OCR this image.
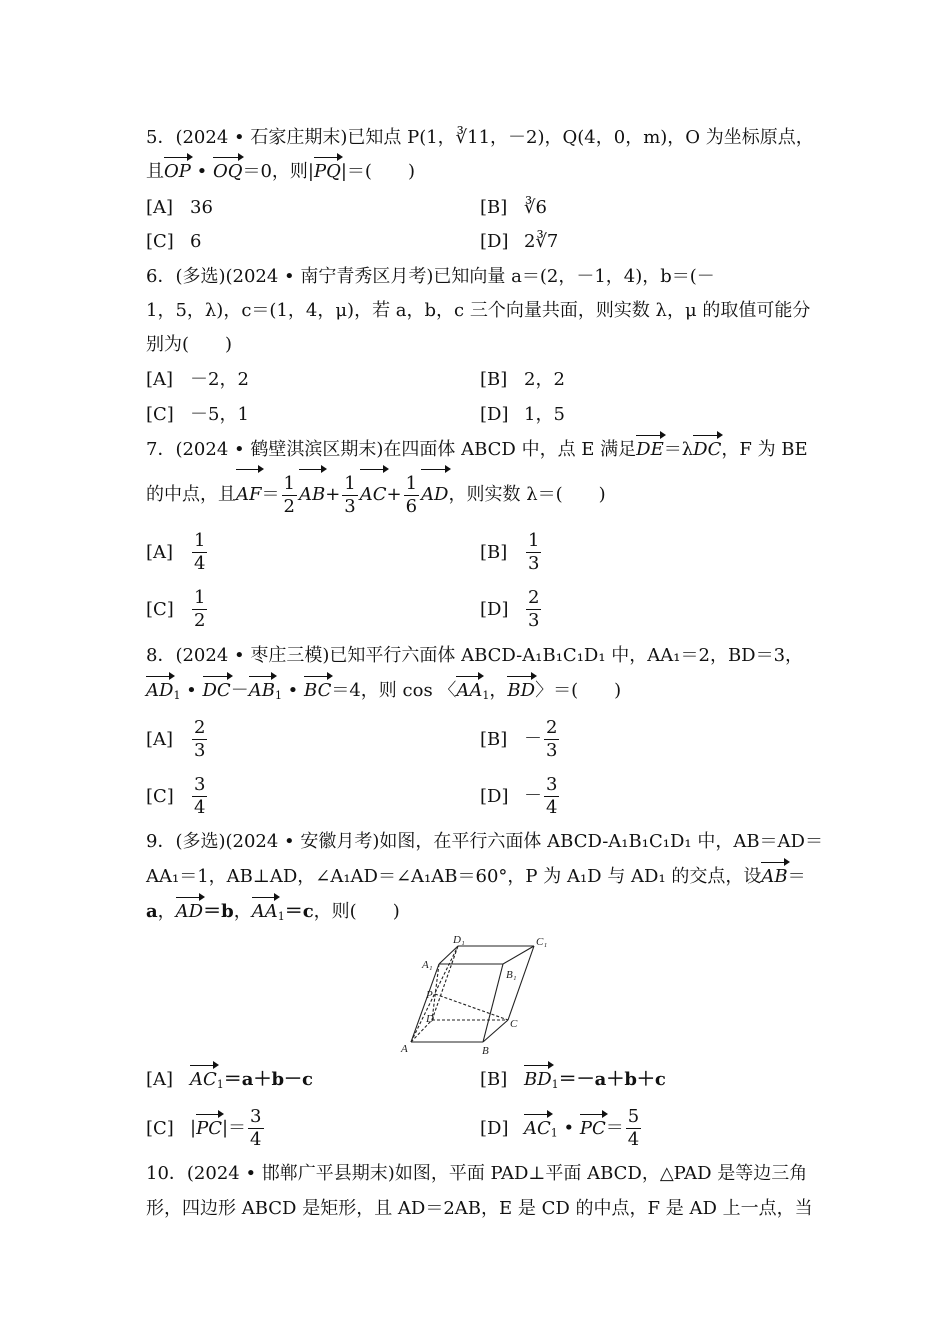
5．(2024 • 石家庄期末)已知点 P(1，∛11，－2)，Q(4，0，m)，O 为坐标原点，
且OP • OQ＝0，则|PQ|＝(　　)
[A] 36	[B] ∛6
[C] 6	[D] 2∛7
6．(多选)(2024 • 南宁青秀区月考)已知向量 a＝(2，－1，4)，b＝(－
1，5，λ)，c＝(1，4，μ)，若 a，b，c 三个向量共面，则实数 λ，μ 的取值可能分
别为(　　)
[A] －2，2	[B] 2，2
[C] －5，1	[D] 1，5
7．(2024 • 鹤壁淇滨区期末)在四面体 ABCD 中，点 E 满足DE＝λDC，F 为 BE
的中点，且$AF= \frac{1}{2} AB+ \frac{1}{3} AC+ \frac{1}{6}$ AD，则实数 λ＝(　　)
$[A] \frac{1}{4}$	$[B] \frac{1}{3}$
$[C] \frac{1}{2}$	$[D] \frac{2}{3}$
8．(2024 • 枣庄三模)已知平行六面体 ABCD-A₁B₁C₁D₁ 中，AA₁＝2，BD＝3，
$AD_1$ • $DC-AB_1$ • BC＝4，则 cos 〈$AA_1$，BD〉＝(　　)
$[A] \frac{2}{3}$	$[B] - \frac{2}{3}$
$[C] \frac{3}{4}$	$[D] - \frac{3}{4}$
9．(多选)(2024 • 安徽月考)如图，在平行六面体 ABCD-A₁B₁C₁D₁ 中，AB＝AD＝
AA₁＝1，AB⊥AD，∠A₁AD＝∠A₁AB＝60°，P 为 A₁D 与 AD₁ 的交点，设AB＝
a，AD＝b，$AA_1=c$，则(　　)
D₁	C₁
A₁
B₁
P
D	C
A	B
[A] $AC_1=a+b-c$	[B] $BD_1=-a+b+c$
[C] $|PC|= \frac{3}{4}$	[D] $AC_1$ • $PC= \frac{5}{4}$
10．(2024 • 邯郸广平县期末)如图，平面 PAD⊥平面 ABCD，△PAD 是等边三角
形，四边形 ABCD 是矩形，且 AD＝2AB，E 是 CD 的中点，F 是 AD 上一点，当
